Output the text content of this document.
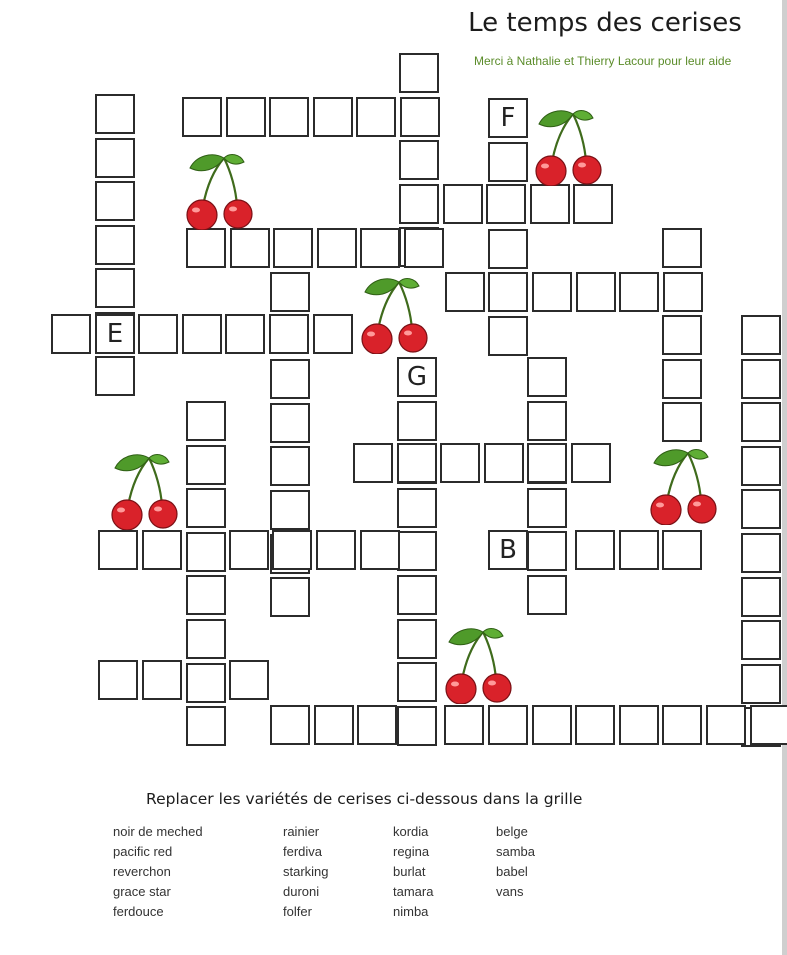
Le temps des cerises
Merci à Nathalie et Thierry Lacour pour leur aide
F
E
G
B
Replacer les variétés de cerises ci-dessous dans la grille
noir de meched
pacific red
reverchon
grace star
ferdouce
rainier
ferdiva
starking
duroni
folfer
kordia
regina
burlat
tamara
nimba
belge
samba
babel
vans
